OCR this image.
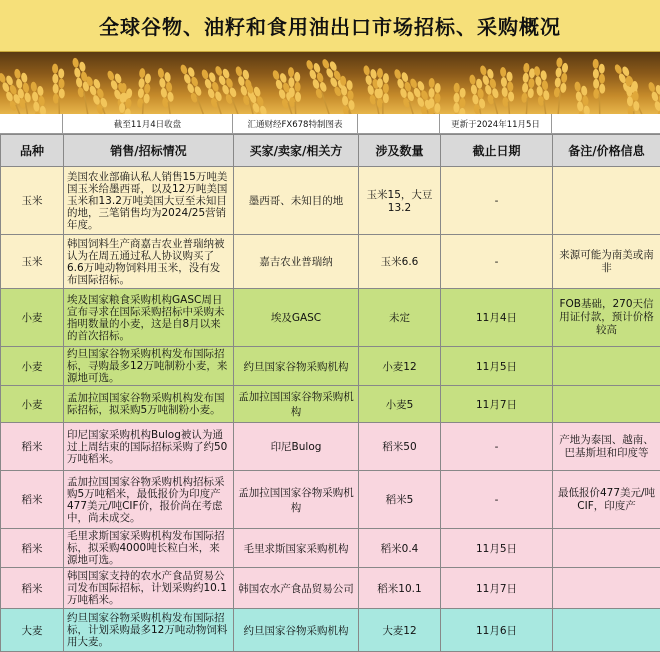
全球谷物、油籽和食用油出口市场招标、采购概况
截至11月4日收盘	汇通财经FX678特制图表	更新于2024年11月5日
品种	销售/招标情况	买家/卖家/相关方	涉及数量	截止日期	备注/价格信息
玉米	美国农业部确认私人销售15万吨美国玉米给墨西哥，以及12万吨美国玉米和13.2万吨美国大豆至未知目的地，三笔销售均为2024/25营销年度。	墨西哥、未知目的地	玉米15，大豆13.2	-	
玉米	韩国饲料生产商嘉吉农业普瑞纳被认为在周五通过私人协议购买了6.6万吨动物饲料用玉米，没有发布国际招标。	嘉吉农业普瑞纳	玉米6.6	-	来源可能为南美或南非
小麦	埃及国家粮食采购机构GASC周日宣布寻求在国际采购招标中采购未指明数量的小麦，这是自8月以来的首次招标。	埃及GASC	未定	11月4日	FOB基础，270天信用证付款，预计价格较高
小麦	约旦国家谷物采购机构发布国际招标，寻购最多12万吨制粉小麦，来源地可选。	约旦国家谷物采购机构	小麦12	11月5日	
小麦	孟加拉国国家谷物采购机构发布国际招标，拟采购5万吨制粉小麦。	孟加拉国国家谷物采购机构	小麦5	11月7日	
稻米	印尼国家采购机构Bulog被认为通过上周结束的国际招标采购了约50万吨稻米。	印尼Bulog	稻米50	-	产地为泰国、越南、巴基斯坦和印度等
稻米	孟加拉国国家谷物采购机构招标采购5万吨稻米，最低报价为印度产477美元/吨CIF价，报价尚在考虑中，尚未成交。	孟加拉国国家谷物采购机构	稻米5	-	最低报价477美元/吨CIF，印度产
稻米	毛里求斯国家采购机构发布国际招标，拟采购4000吨长粒白米，来源地可选。	毛里求斯国家采购机构	稻米0.4	11月5日	
稻米	韩国国家支持的农水产食品贸易公司发布国际招标，计划采购约10.1万吨稻米。	韩国农水产食品贸易公司	稻米10.1	11月7日	
大麦	约旦国家谷物采购机构发布国际招标，计划采购最多12万吨动物饲料用大麦。	约旦国家谷物采购机构	大麦12	11月6日	
